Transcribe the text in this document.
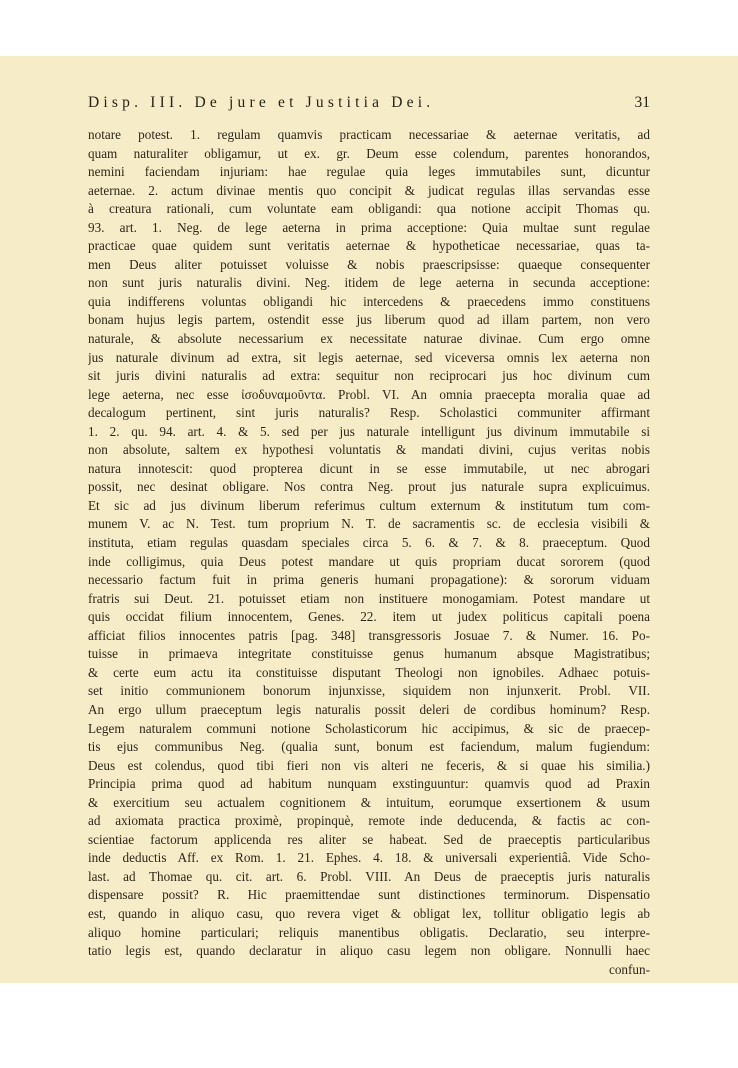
Disp. III. De jure et Justitia Dei.	31
notare potest. 1. regulam quamvis practicam necessariae & aeternae veritatis, ad
quam naturaliter obligamur, ut ex. gr. Deum esse colendum, parentes honorandos,
nemini faciendam injuriam: hae regulae quia leges immutabiles sunt, dicuntur
aeternae. 2. actum divinae mentis quo concipit & judicat regulas illas servandas esse
à creatura rationali, cum voluntate eam obligandi: qua notione accipit Thomas qu.
93. art. 1. Neg. de lege aeterna in prima acceptione: Quia multae sunt regulae
practicae quae quidem sunt veritatis aeternae & hypotheticae necessariae, quas ta-
men Deus aliter potuisset voluisse & nobis praescripsisse: quaeque consequenter
non sunt juris naturalis divini. Neg. itidem de lege aeterna in secunda acceptione:
quia indifferens voluntas obligandi hic intercedens & praecedens immo constituens
bonam hujus legis partem, ostendit esse jus liberum quod ad illam partem, non vero
naturale, & absolute necessarium ex necessitate naturae divinae. Cum ergo omne
jus naturale divinum ad extra, sit legis aeternae, sed viceversa omnis lex aeterna non
sit juris divini naturalis ad extra: sequitur non reciprocari jus hoc divinum cum
lege aeterna, nec esse ἰσοδυναμοῦντα. Probl. VI. An omnia praecepta moralia quae ad
decalogum pertinent, sint juris naturalis? Resp. Scholastici communiter affirmant
1. 2. qu. 94. art. 4. & 5. sed per jus naturale intelligunt jus divinum immutabile si
non absolute, saltem ex hypothesi voluntatis & mandati divini, cujus veritas nobis
natura innotescit: quod propterea dicunt in se esse immutabile, ut nec abrogari
possit, nec desinat obligare. Nos contra Neg. prout jus naturale supra explicuimus.
Et sic ad jus divinum liberum referimus cultum externum & institutum tum com-
munem V. ac N. Test. tum proprium N. T. de sacramentis sc. de ecclesia visibili &
instituta, etiam regulas quasdam speciales circa 5. 6. & 7. & 8. praeceptum. Quod
inde colligimus, quia Deus potest mandare ut quis propriam ducat sororem (quod
necessario factum fuit in prima generis humani propagatione): & sororum viduam
fratris sui Deut. 21. potuisset etiam non instituere monogamiam. Potest mandare ut
quis occidat filium innocentem, Genes. 22. item ut judex politicus capitali poena
afficiat filios innocentes patris [pag. 348] transgressoris Josuae 7. & Numer. 16. Po-
tuisse in primaeva integritate constituisse genus humanum absque Magistratibus;
& certe eum actu ita constituisse disputant Theologi non ignobiles. Adhaec potuis-
set initio communionem bonorum injunxisse, siquidem non injunxerit. Probl. VII.
An ergo ullum praeceptum legis naturalis possit deleri de cordibus hominum? Resp.
Legem naturalem communi notione Scholasticorum hic accipimus, & sic de praecep-
tis ejus communibus Neg. (qualia sunt, bonum est faciendum, malum fugiendum:
Deus est colendus, quod tibi fieri non vis alteri ne feceris, & si quae his similia.)
Principia prima quod ad habitum nunquam exstinguuntur: quamvis quod ad Praxin
& exercitium seu actualem cognitionem & intuitum, eorumque exsertionem & usum
ad axiomata practica proximè, propinquè, remote inde deducenda, & factis ac con-
scientiae factorum applicenda res aliter se habeat. Sed de praeceptis particularibus
inde deductis Aff. ex Rom. 1. 21. Ephes. 4. 18. & universali experientiâ. Vide Scho-
last. ad Thomae qu. cit. art. 6. Probl. VIII. An Deus de praeceptis juris naturalis
dispensare possit? R. Hic praemittendae sunt distinctiones terminorum. Dispensatio
est, quando in aliquo casu, quo revera viget & obligat lex, tollitur obligatio legis ab
aliquo homine particulari; reliquis manentibus obligatis. Declaratio, seu interpre-
tatio legis est, quando declaratur in aliquo casu legem non obligare. Nonnulli haec
confun-
